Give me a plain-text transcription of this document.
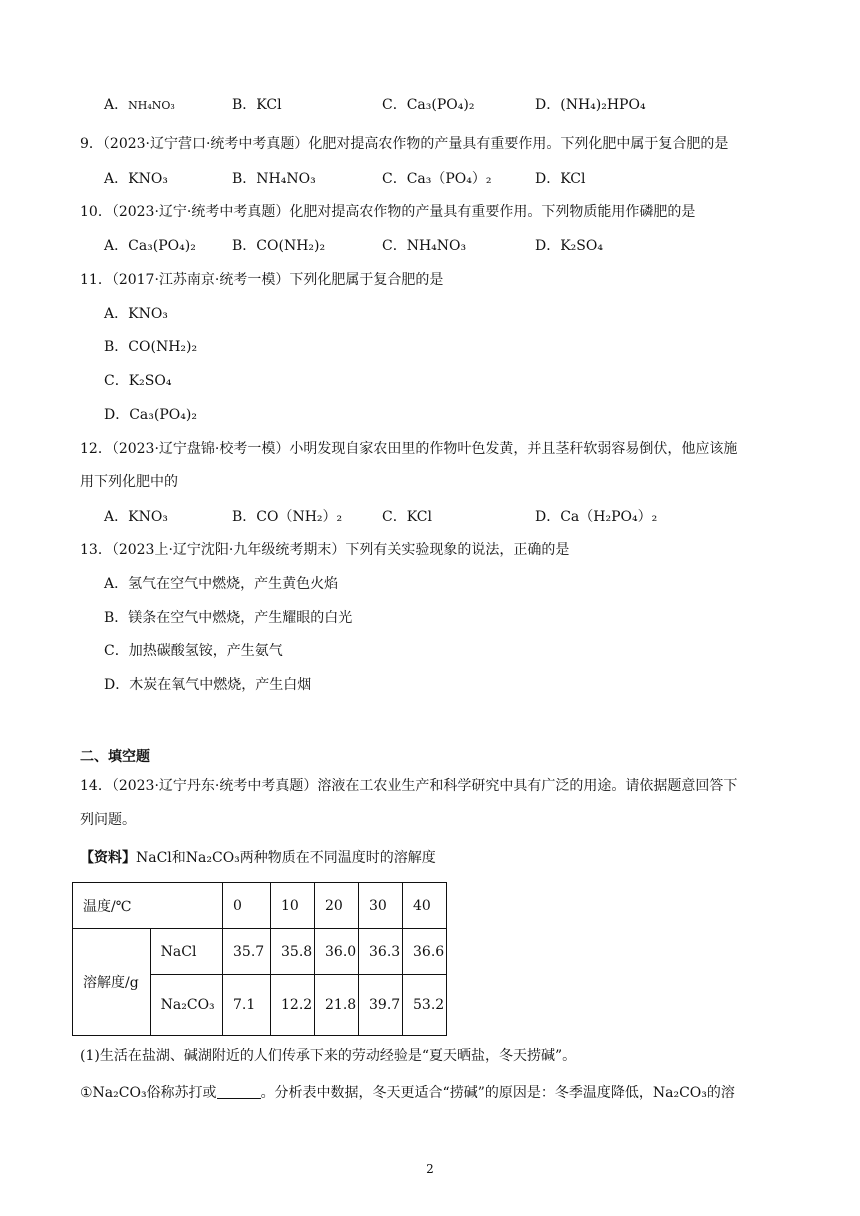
A．NH₄NO₃	B．KCl	C．Ca₃(PO₄)₂	D．(NH₄)₂HPO₄
9．（2023·辽宁营口·统考中考真题）化肥对提高农作物的产量具有重要作用。下列化肥中属于复合肥的是
A．KNO₃	B．NH₄NO₃	C．Ca₃（PO₄）₂	D．KCl
10．（2023·辽宁·统考中考真题）化肥对提高农作物的产量具有重要作用。下列物质能用作磷肥的是
A．Ca₃(PO₄)₂	B．CO(NH₂)₂	C．NH₄NO₃	D．K₂SO₄
11．（2017·江苏南京·统考一模）下列化肥属于复合肥的是
A．KNO₃
B．CO(NH₂)₂
C．K₂SO₄
D．Ca₃(PO₄)₂
12．（2023·辽宁盘锦·校考一模）小明发现自家农田里的作物叶色发黄，并且茎秆软弱容易倒伏，他应该施
用下列化肥中的
A．KNO₃	B．CO（NH₂）₂	C．KCl	D．Ca（H₂PO₄）₂
13．（2023上·辽宁沈阳·九年级统考期末）下列有关实验现象的说法，正确的是
A．氢气在空气中燃烧，产生黄色火焰
B．镁条在空气中燃烧，产生耀眼的白光
C．加热碳酸氢铵，产生氨气
D．木炭在氧气中燃烧，产生白烟
二、填空题
14．（2023·辽宁丹东·统考中考真题）溶液在工农业生产和科学研究中具有广泛的用途。请依据题意回答下
列问题。
【资料】NaCl和Na₂CO₃两种物质在不同温度时的溶解度
温度/℃		0	10	20	30	40
溶解度/g	NaCl	35.7	35.8	36.0	36.3	36.6
	Na₂CO₃	7.1	12.2	21.8	39.7	53.2
(1)生活在盐湖、碱湖附近的人们传承下来的劳动经验是“夏天晒盐，冬天捞碱”。
①Na₂CO₃俗称苏打或	。分析表中数据，冬天更适合“捞碱”的原因是：冬季温度降低，Na₂CO₃的溶
2
